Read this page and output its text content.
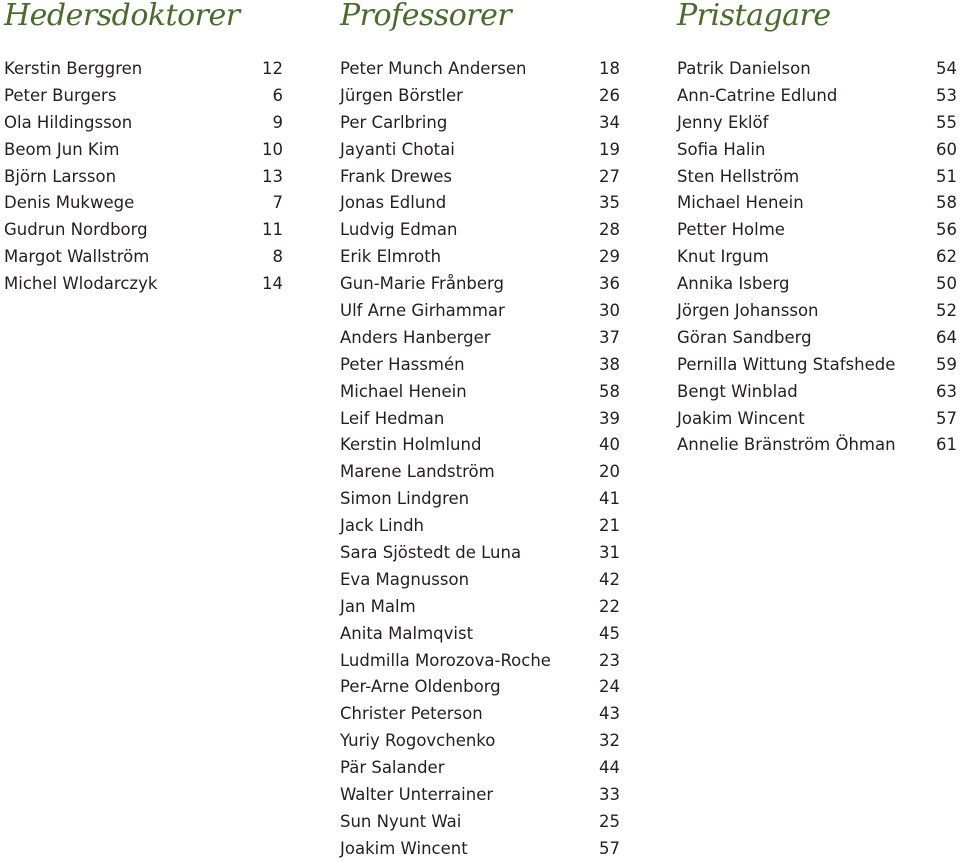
Hedersdoktorer
Kerstin Berggren	12
Peter Burgers	6
Ola Hildingsson	9
Beom Jun Kim	10
Björn Larsson	13
Denis Mukwege	7
Gudrun Nordborg	11
Margot Wallström	8
Michel Wlodarczyk	14
Professorer
Peter Munch Andersen	18
Jürgen Börstler	26
Per Carlbring	34
Jayanti Chotai	19
Frank Drewes	27
Jonas Edlund	35
Ludvig Edman	28
Erik Elmroth	29
Gun-Marie Frånberg	36
Ulf Arne Girhammar	30
Anders Hanberger	37
Peter Hassmén	38
Michael Henein	58
Leif Hedman	39
Kerstin Holmlund	40
Marene Landström	20
Simon Lindgren	41
Jack Lindh	21
Sara Sjöstedt de Luna	31
Eva Magnusson	42
Jan Malm	22
Anita Malmqvist	45
Ludmilla Morozova-Roche	23
Per-Arne Oldenborg	24
Christer Peterson	43
Yuriy Rogovchenko	32
Pär Salander	44
Walter Unterrainer	33
Sun Nyunt Wai	25
Joakim Wincent	57
Pristagare
Patrik Danielson	54
Ann-Catrine Edlund	53
Jenny Eklöf	55
Sofia Halin	60
Sten Hellström	51
Michael Henein	58
Petter Holme	56
Knut Irgum	62
Annika Isberg	50
Jörgen Johansson	52
Göran Sandberg	64
Pernilla Wittung Stafshede 59
Bengt Winblad	63
Joakim Wincent	57
Annelie Bränström Öhman 61
